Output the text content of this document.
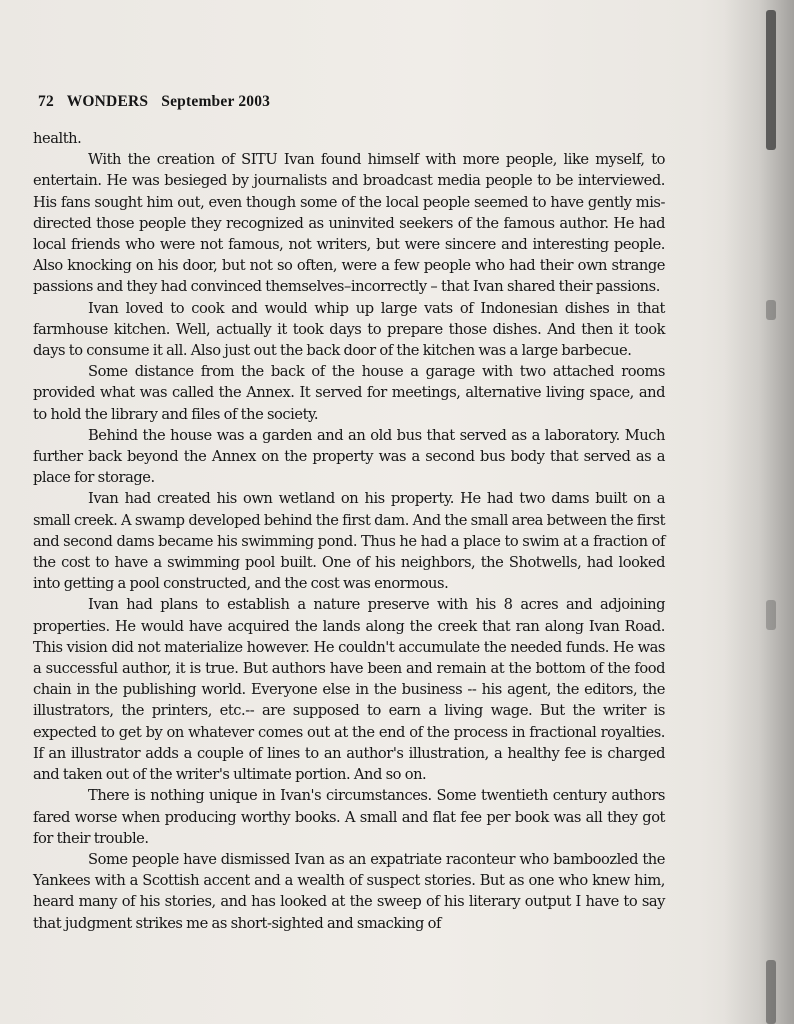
72 WONDERS September 2003

health.

With the creation of SITU Ivan found himself with more people, like myself, to entertain. He was besieged by journalists and broadcast media people to be interviewed. His fans sought him out, even though some of the local people seemed to have gently mis-directed those people they recognized as uninvited seekers of the famous author. He had local friends who were not famous, not writers, but were sincere and interesting people. Also knocking on his door, but not so often, were a few people who had their own strange passions and they had convinced themselves–incorrectly – that Ivan shared their passions.

Ivan loved to cook and would whip up large vats of Indonesian dishes in that farmhouse kitchen. Well, actually it took days to prepare those dishes. And then it took days to consume it all. Also just out the back door of the kitchen was a large barbecue.

Some distance from the back of the house a garage with two attached rooms provided what was called the Annex. It served for meetings, alternative living space, and to hold the library and files of the society.

Behind the house was a garden and an old bus that served as a laboratory. Much further back beyond the Annex on the property was a second bus body that served as a place for storage.

Ivan had created his own wetland on his property. He had two dams built on a small creek. A swamp developed behind the first dam. And the small area between the first and second dams became his swimming pond. Thus he had a place to swim at a fraction of the cost to have a swimming pool built. One of his neighbors, the Shotwells, had looked into getting a pool constructed, and the cost was enormous.

Ivan had plans to establish a nature preserve with his 8 acres and adjoining properties. He would have acquired the lands along the creek that ran along Ivan Road. This vision did not materialize however. He couldn't accumulate the needed funds. He was a successful author, it is true. But authors have been and remain at the bottom of the food chain in the publishing world. Everyone else in the business -- his agent, the editors, the illustrators, the printers, etc.-- are supposed to earn a living wage. But the writer is expected to get by on whatever comes out at the end of the process in fractional royalties. If an illustrator adds a couple of lines to an author's illustration, a healthy fee is charged and taken out of the writer's ultimate portion. And so on.

There is nothing unique in Ivan's circumstances. Some twentieth century authors fared worse when producing worthy books. A small and flat fee per book was all they got for their trouble.

Some people have dismissed Ivan as an expatriate raconteur who bamboozled the Yankees with a Scottish accent and a wealth of suspect stories. But as one who knew him, heard many of his stories, and has looked at the sweep of his literary output I have to say that judgment strikes me as short-sighted and smacking of
